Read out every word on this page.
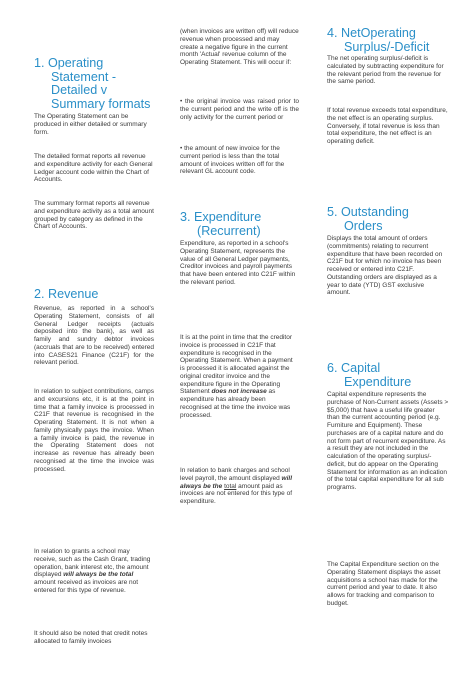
1. Operating
Statement -
Detailed v
Summary formats

The Operating Statement can be produced in either detailed or summary form.

The detailed format reports all revenue and expenditure activity for each General Ledger account code within the Chart of Accounts.

The summary format reports all revenue and expenditure activity as a total amount grouped by category as defined in the Chart of Accounts.

2. Revenue

Revenue, as reported in a school's Operating Statement, consists of all General Ledger receipts (actuals deposited into the bank), as well as family and sundry debtor invoices (accruals that are to be received) entered into CASES21 Finance (C21F) for the relevant period.

In relation to subject contributions, camps and excursions etc, it is at the point in time that a family invoice is processed in C21F that revenue is recognised in the Operating Statement. It is not when a family physically pays the invoice. When a family invoice is paid, the revenue in the Operating Statement does not increase as revenue has already been recognised at the time the invoice was processed.

In relation to grants a school may receive, such as the Cash Grant, trading operation, bank interest etc, the amount displayed will always be the total amount received as invoices are not entered for this type of revenue.

It should also be noted that credit notes allocated to family invoices

(when invoices are written off) will reduce revenue when processed and may create a negative figure in the current month 'Actual' revenue column of the Operating Statement. This will occur if:

• the original invoice was raised prior to the current period and the write off is the only activity for the current period or

• the amount of new invoice for the current period is less than the total amount of invoices written off for the relevant GL account code.

3. Expenditure
(Recurrent)

Expenditure, as reported in a school's Operating Statement, represents the value of all General Ledger payments, Creditor invoices and payroll payments that have been entered into C21F within the relevant period.

It is at the point in time that the creditor invoice is processed in C21F that expenditure is recognised in the Operating Statement. When a payment is processed it is allocated against the original creditor invoice and the expenditure figure in the Operating Statement does not increase as expenditure has already been recognised at the time the invoice was processed.

In relation to bank charges and school level payroll, the amount displayed will always be the total amount paid as invoices are not entered for this type of expenditure.

4. NetOperating
Surplus/-Deficit

The net operating surplus/-deficit is calculated by subtracting expenditure for the relevant period from the revenue for the same period.

If total revenue exceeds total expenditure, the net effect is an operating surplus. Conversely, if total revenue is less than total expenditure, the net effect is an operating deficit.

5. Outstanding
Orders

Displays the total amount of orders (commitments) relating to recurrent expenditure that have been recorded on C21F but for which no invoice has been received or entered into C21F. Outstanding orders are displayed as a year to date (YTD) GST exclusive amount.

6. Capital
Expenditure

Capital expenditure represents the purchase of Non-Current assets (Assets > $5,000) that have a useful life greater than the current accounting period (e.g. Furniture and Equipment). These purchases are of a capital nature and do not form part of recurrent expenditure. As a result they are not included in the calculation of the operating surplus/-deficit, but do appear on the Operating Statement for information as an indication of the total capital expenditure for all sub programs.

The Capital Expenditure section on the Operating Statement displays the asset acquisitions a school has made for the current period and year to date. It also allows for tracking and comparison to budget.
